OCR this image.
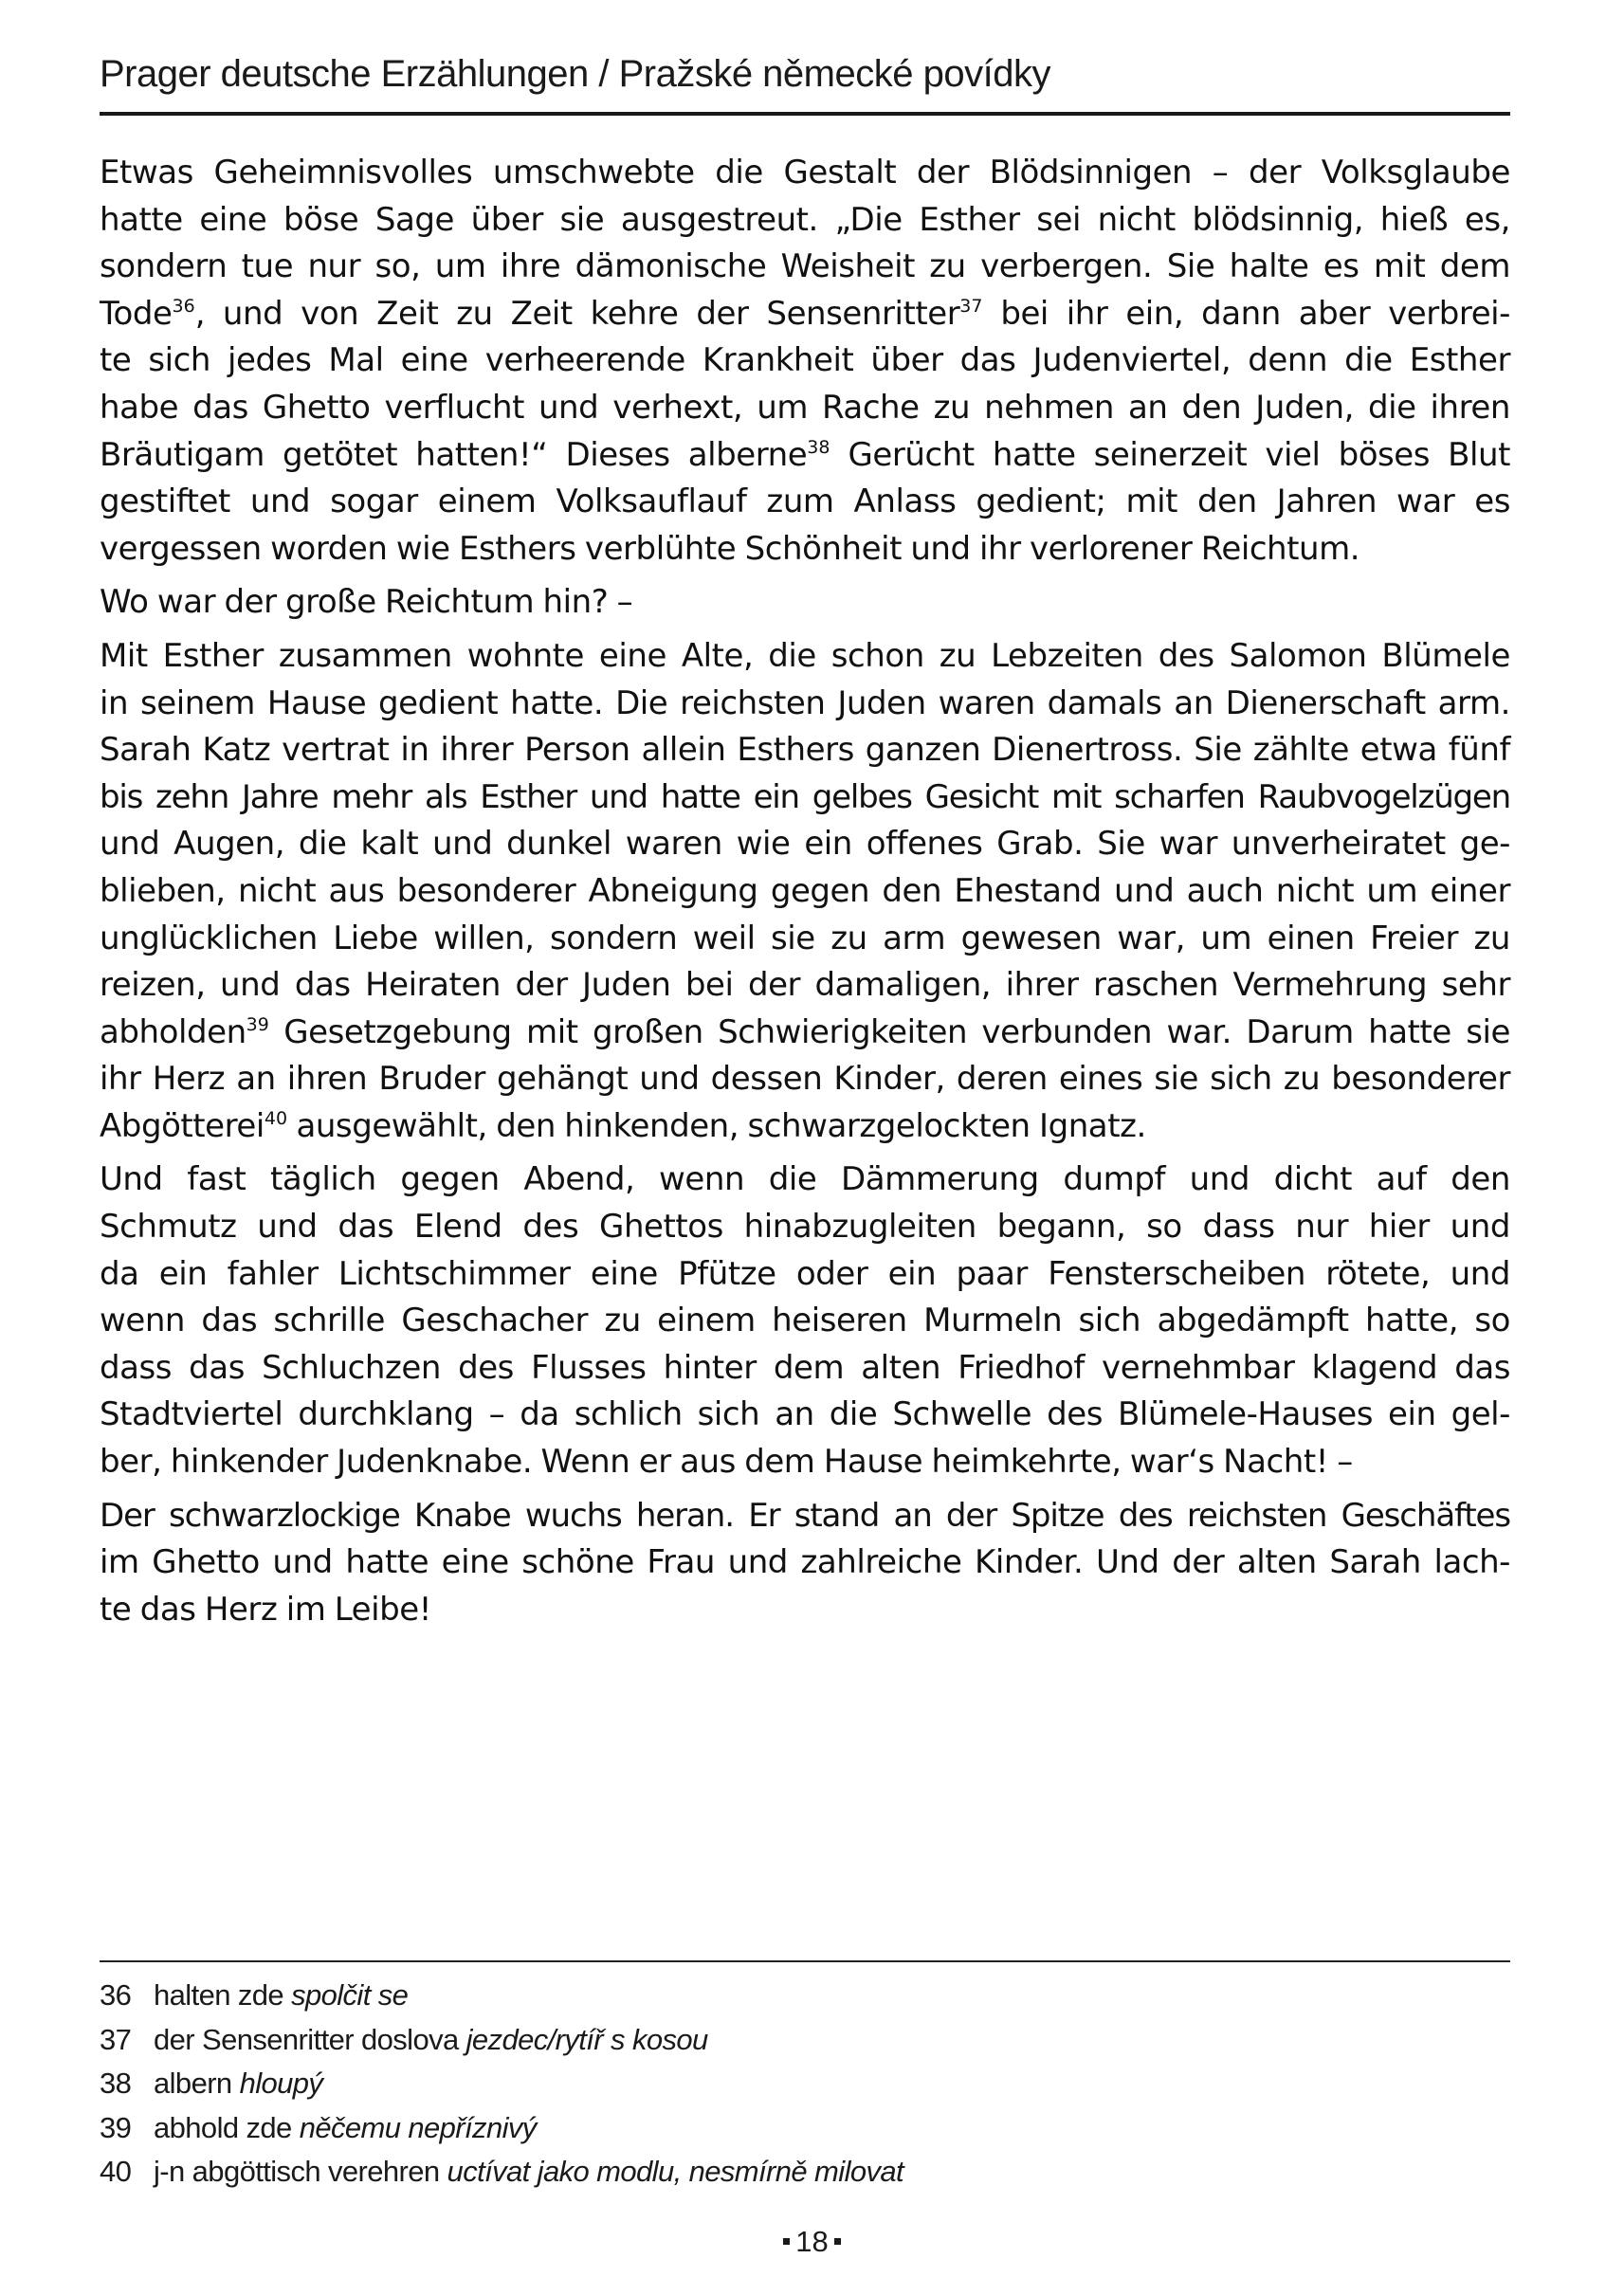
Prager deutsche Erzählungen / Pražské německé povídky
Etwas Geheimnisvolles umschwebte die Gestalt der Blödsinnigen – der Volksglaube
hatte eine böse Sage über sie ausgestreut. „Die Esther sei nicht blödsinnig, hieß es,
sondern tue nur so, um ihre dämonische Weisheit zu verbergen. Sie halte es mit dem
Tode$^{36}$, und von Zeit zu Zeit kehre der Sensenritter$^{37}$ bei ihr ein, dann aber verbrei-
te sich jedes Mal eine verheerende Krankheit über das Judenviertel, denn die Esther
habe das Ghetto verflucht und verhext, um Rache zu nehmen an den Juden, die ihren
Bräutigam getötet hatten!“ Dieses alberne$^{38}$ Gerücht hatte seinerzeit viel böses Blut
gestiftet und sogar einem Volksauflauf zum Anlass gedient; mit den Jahren war es
vergessen worden wie Esthers verblühte Schönheit und ihr verlorener Reichtum.
Wo war der große Reichtum hin? –
Mit Esther zusammen wohnte eine Alte, die schon zu Lebzeiten des Salomon Blümele
in seinem Hause gedient hatte. Die reichsten Juden waren damals an Dienerschaft arm.
Sarah Katz vertrat in ihrer Person allein Esthers ganzen Dienertross. Sie zählte etwa fünf
bis zehn Jahre mehr als Esther und hatte ein gelbes Gesicht mit scharfen Raubvogelzügen
und Augen, die kalt und dunkel waren wie ein offenes Grab. Sie war unverheiratet ge-
blieben, nicht aus besonderer Abneigung gegen den Ehestand und auch nicht um einer
unglücklichen Liebe willen, sondern weil sie zu arm gewesen war, um einen Freier zu
reizen, und das Heiraten der Juden bei der damaligen, ihrer raschen Vermehrung sehr
abholden$^{39}$ Gesetzgebung mit großen Schwierigkeiten verbunden war. Darum hatte sie
ihr Herz an ihren Bruder gehängt und dessen Kinder, deren eines sie sich zu besonderer
Abgötterei$^{40}$ ausgewählt, den hinkenden, schwarzgelockten Ignatz.
Und fast täglich gegen Abend, wenn die Dämmerung dumpf und dicht auf den
Schmutz und das Elend des Ghettos hinabzugleiten begann, so dass nur hier und
da ein fahler Lichtschimmer eine Pfütze oder ein paar Fensterscheiben rötete, und
wenn das schrille Geschacher zu einem heiseren Murmeln sich abgedämpft hatte, so
dass das Schluchzen des Flusses hinter dem alten Friedhof vernehmbar klagend das
Stadtviertel durchklang – da schlich sich an die Schwelle des Blümele-Hauses ein gel-
ber, hinkender Judenknabe. Wenn er aus dem Hause heimkehrte, war‘s Nacht! –
Der schwarzlockige Knabe wuchs heran. Er stand an der Spitze des reichsten Geschäftes
im Ghetto und hatte eine schöne Frau und zahlreiche Kinder. Und der alten Sarah lach-
te das Herz im Leibe!
36 halten zde spolčit se
37 der Sensenritter doslova jezdec/rytíř s kosou
38 albern hloupý
39 abhold zde něčemu nepříznivý
40 j-n abgöttisch verehren uctívat jako modlu, nesmírně milovat
18
